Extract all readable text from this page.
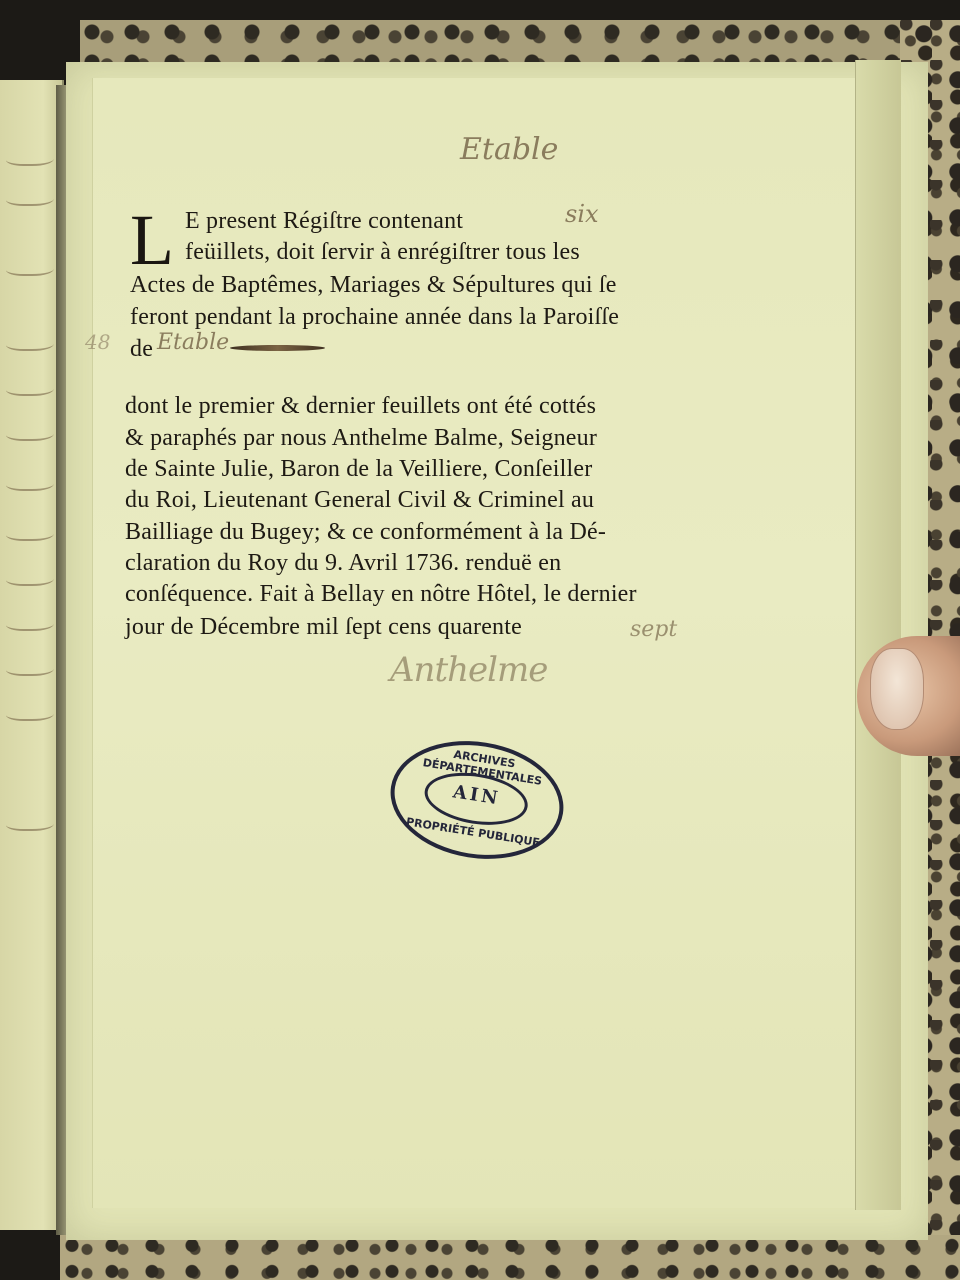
Etable
48
L E present Régiſtre contenant
feüillets, doit ſervir à enrégiſtrer tous les
Actes de Baptêmes, Mariages & Sépultures qui ſe
feront pendant la prochaine année dans la Paroiſſe
de
six
Etable
dont le premier & dernier feuillets ont été cottés
& paraphés par nous Anthelme Balme, Seigneur
de Sainte Julie, Baron de la Veilliere, Conſeiller
du Roi, Lieutenant General Civil & Criminel au
Bailliage du Bugey; & ce conformément à la Dé-
claration du Roy du 9. Avril 1736. renduë en
conſéquence. Fait à Bellay en nôtre Hôtel, le dernier
jour de Décembre mil ſept cens quarente	sept
Anthelme
ARCHIVES DÉPARTEMENTALES
AIN
PROPRIÉTÉ PUBLIQUE
